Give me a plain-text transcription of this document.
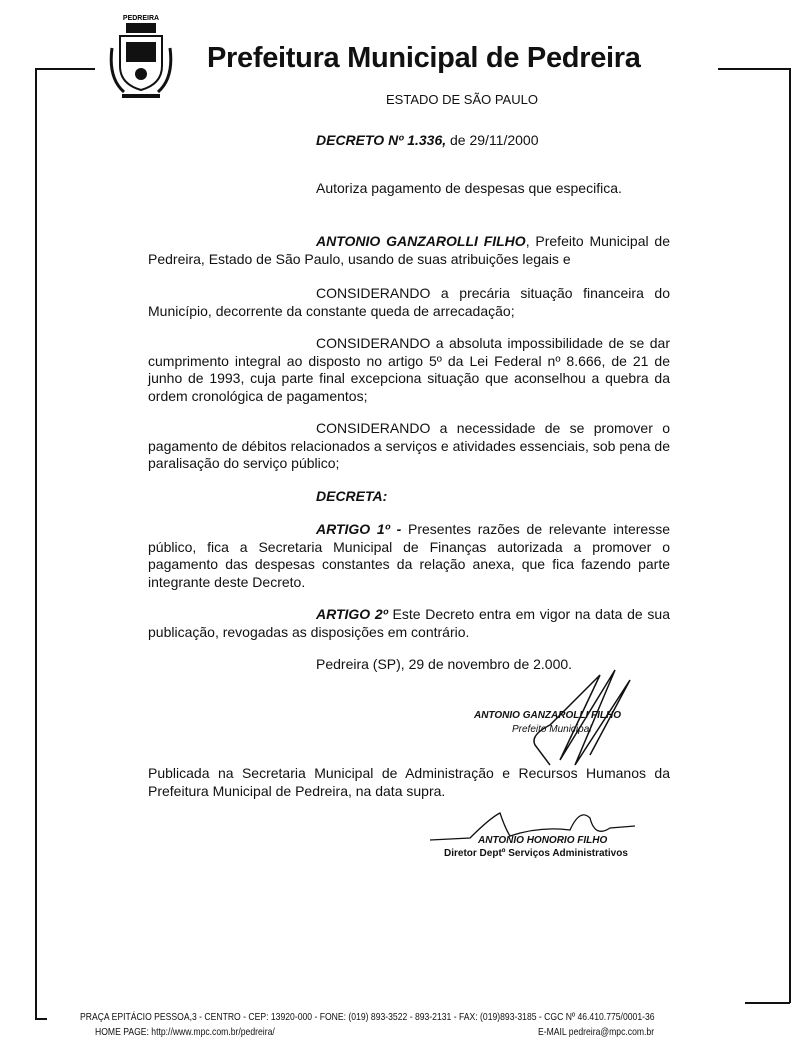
PEDREIRA
Prefeitura Municipal de Pedreira
ESTADO DE SÃO PAULO
DECRETO Nº 1.336, de 29/11/2000
Autoriza pagamento de despesas que especifica.
ANTONIO GANZAROLLI FILHO, Prefeito Municipal de Pedreira, Estado de São Paulo, usando de suas atribuições legais e
CONSIDERANDO a precária situação financeira do Município, decorrente da constante queda de arrecadação;
CONSIDERANDO a absoluta impossibilidade de se dar cumprimento integral ao disposto no artigo 5º da Lei Federal nº 8.666, de 21 de junho de 1993, cuja parte final excepciona situação que aconselhou a quebra da ordem cronológica de pagamentos;
CONSIDERANDO a necessidade de se promover o pagamento de débitos relacionados a serviços e atividades essenciais, sob pena de paralisação do serviço público;
DECRETA:
ARTIGO 1º - Presentes razões de relevante interesse público, fica a Secretaria Municipal de Finanças autorizada a promover o pagamento das despesas constantes da relação anexa, que fica fazendo parte integrante deste Decreto.
ARTIGO 2º Este Decreto entra em vigor na data de sua publicação, revogadas as disposições em contrário.
Pedreira (SP), 29 de novembro de 2.000.
ANTONIO GANZAROLLI FILHO
Prefeito Municipal
Publicada na Secretaria Municipal de Administração e Recursos Humanos da Prefeitura Municipal de Pedreira, na data supra.
ANTONIO HONORIO FILHO
Diretor Deptº Serviços Administrativos
PRAÇA EPITÁCIO PESSOA,3 - CENTRO - CEP: 13920-000 - FONE: (019) 893-3522 - 893-2131 - FAX: (019)893-3185 - CGC Nº 46.410.775/0001-36
HOME PAGE: http://www.mpc.com.br/pedreira/	E-MAIL pedreira@mpc.com.br
